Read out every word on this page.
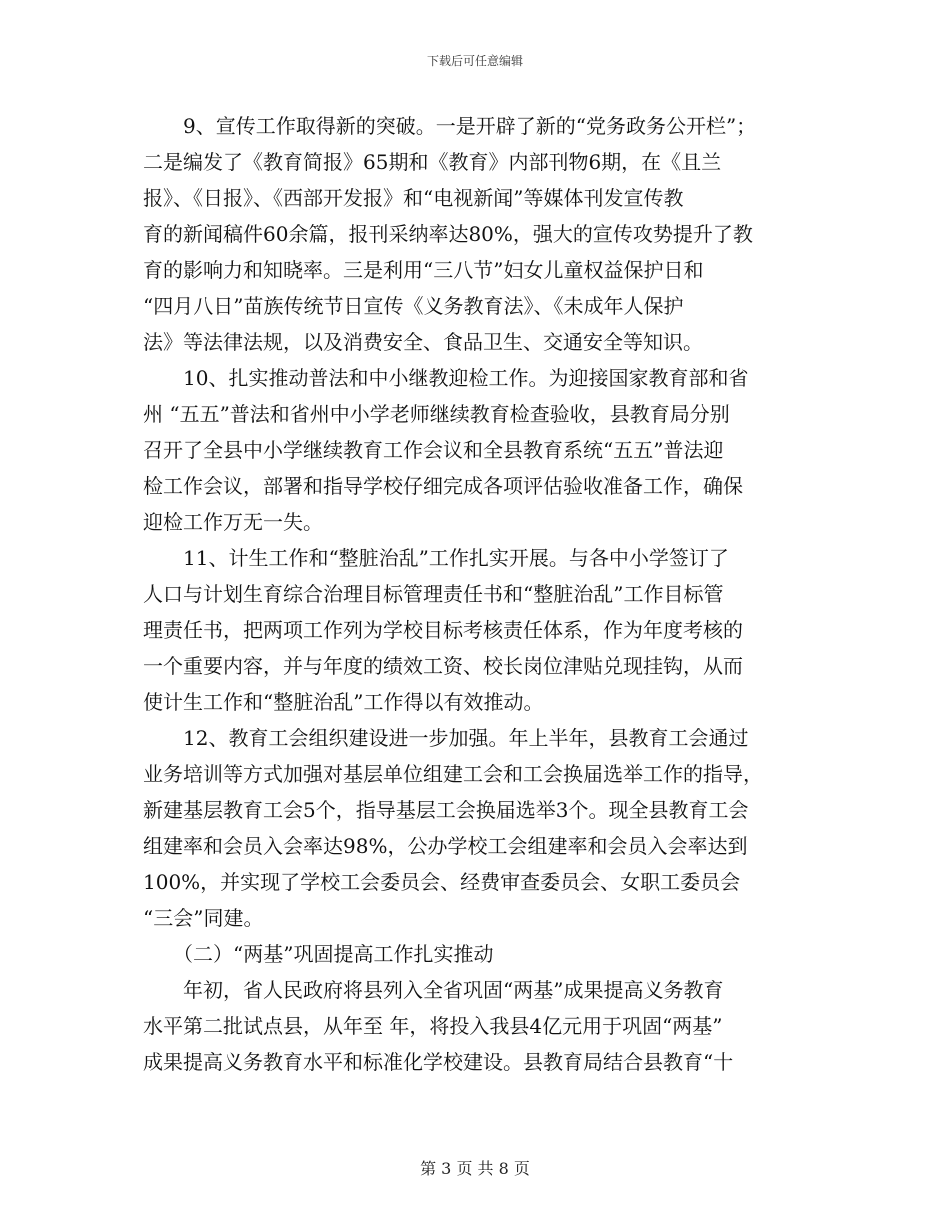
下载后可任意编辑
　　9、宣传工作取得新的突破。一是开辟了新的“党务政务公开栏”；
二是编发了《教育简报》65期和《教育》内部刊物6期，在《且兰
报》、《日报》、《西部开发报》和“电视新闻”等媒体刊发宣传教
育的新闻稿件60余篇，报刊采纳率达80%，强大的宣传攻势提升了教
育的影响力和知晓率。三是利用“三八节”妇女儿童权益保护日和
“四月八日”苗族传统节日宣传《义务教育法》、《未成年人保护
法》等法律法规，以及消费安全、食品卫生、交通安全等知识。
　　10、扎实推动普法和中小继教迎检工作。为迎接国家教育部和省
州 “五五”普法和省州中小学老师继续教育检查验收，县教育局分别
召开了全县中小学继续教育工作会议和全县教育系统“五五”普法迎
检工作会议，部署和指导学校仔细完成各项评估验收准备工作，确保
迎检工作万无一失。
　　11、计生工作和“整脏治乱”工作扎实开展。与各中小学签订了
人口与计划生育综合治理目标管理责任书和“整脏治乱”工作目标管
理责任书，把两项工作列为学校目标考核责任体系，作为年度考核的
一个重要内容，并与年度的绩效工资、校长岗位津贴兑现挂钩，从而
使计生工作和“整脏治乱”工作得以有效推动。
　　12、教育工会组织建设进一步加强。年上半年，县教育工会通过
业务培训等方式加强对基层单位组建工会和工会换届选举工作的指导，
新建基层教育工会5个，指导基层工会换届选举3个。现全县教育工会
组建率和会员入会率达98%，公办学校工会组建率和会员入会率达到
100%，并实现了学校工会委员会、经费审查委员会、女职工委员会
“三会”同建。
　　（二）“两基”巩固提高工作扎实推动
　　年初，省人民政府将县列入全省巩固“两基”成果提高义务教育
水平第二批试点县，从年至 年，将投入我县4亿元用于巩固“两基”
成果提高义务教育水平和标准化学校建设。县教育局结合县教育“十
第 3 页 共 8 页
